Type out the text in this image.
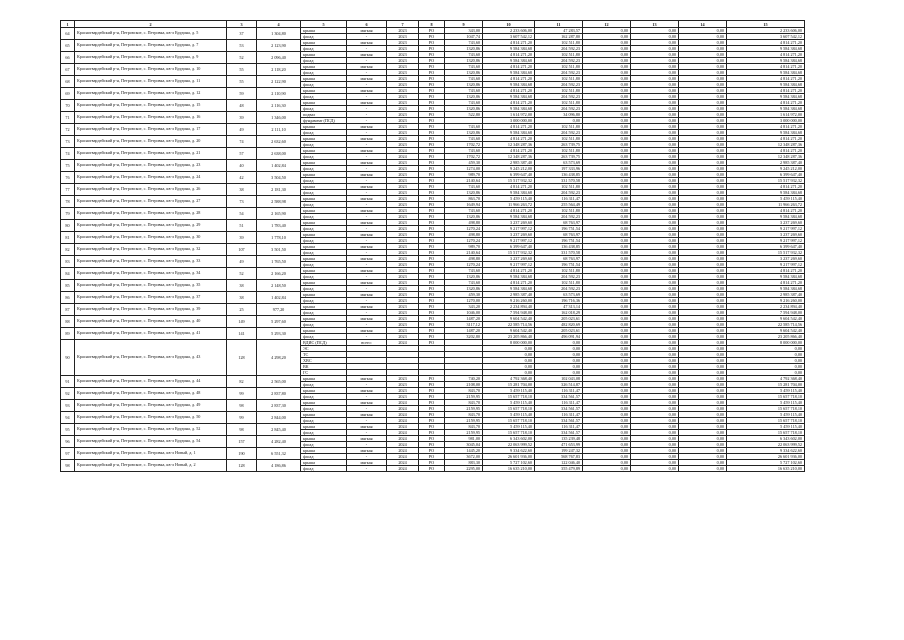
1	2	3	4	5	6	7	8	9	10	11	12	13	14	15
64	Красногвардейский р-н, Петровское, с. Петровка, кв-л Ерудина, д. 5	37	1 304,80	крыша	мягкая	2023	РО	343,00	2 233 606,00	47 283,57	0,00	0,00	0,00	2 233 606,00
				фасад	-	2023	РО	1047,74	3 607 542,12	162 287,80	0,00	0,00	0,00	3 607 542,12
65	Красногвардейский р-н, Петровское, с. Петровка, кв-л Ерудина, д. 7	53	2 123,90	крыша	мягкая	2023	РО	743,60	4 814 271,20	102 511,80	0,00	0,00	0,00	4 814 271,20
				фасад	-	2023	РО	1320,86	9 584 384,68	204 592,23	0,00	0,00	0,00	9 584 384,68
66	Красногвардейский р-н, Петровское, с. Петровка, кв-л Ерудина, д. 9	52	2 096,40	крыша	мягкая	2023	РО	743,60	4 814 271,20	102 511,80	0,00	0,00	0,00	4 814 271,20
				фасад	-	2023	РО	1320,86	9 584 384,68	204 592,23	0,00	0,00	0,00	9 584 384,68
67	Красногвардейский р-н, Петровское, с. Петровка, кв-л Ерудина, д. 10	55	2 118,20	крыша	мягкая	2023	РО	743,60	4 814 271,20	102 511,80	0,00	0,00	0,00	4 814 271,20
				фасад	-	2023	РО	1320,86	9 584 384,68	204 592,23	0,00	0,00	0,00	9 584 384,68
68	Красногвардейский р-н, Петровское, с. Петровка, кв-л Ерудина, д. 11	55	2 122,90	крыша	мягкая	2023	РО	743,60	4 814 271,20	102 511,80	0,00	0,00	0,00	4 814 271,20
				фасад	-	2023	РО	1320,86	9 584 384,68	204 592,23	0,00	0,00	0,00	9 584 384,68
69	Красногвардейский р-н, Петровское, с. Петровка, кв-л Ерудина, д. 12	59	2 110,90	крыша	мягкая	2023	РО	743,60	4 814 271,20	102 511,80	0,00	0,00	0,00	4 814 271,20
				фасад	-	2023	РО	1320,86	9 584 384,68	204 592,23	0,00	0,00	0,00	9 584 384,68
70	Красногвардейский р-н, Петровское, с. Петровка, кв-л Ерудина, д. 15	48	2 116,30	крыша	мягкая	2023	РО	743,60	4 814 271,20	102 511,80	0,00	0,00	0,00	4 814 271,20
				фасад	-	2023	РО	1320,86	9 584 384,68	204 592,23	0,00	0,00	0,00	9 584 384,68
71	Красногвардейский р-н, Петровское, с. Петровка, кв-л Ерудина, д. 16	39	1 346,00	подвал	-	2023	РО	522,80	1 614 972,00	34 096,80	0,00	0,00	0,00	1 614 972,00
				фундамент (ПСД)	-	2023	РО		3 000 000,00	0,00	0,00	0,00	0,00	3 000 000,00
72	Красногвардейский р-н, Петровское, с. Петровка, кв-л Ерудина, д. 17	49	2 111,10	крыша	мягкая	2023	РО	743,60	4 814 271,20	102 511,80	0,00	0,00	0,00	4 814 271,20
				фасад	-	2023	РО	1320,86	9 584 384,68	204 592,23	0,00	0,00	0,00	9 584 384,68
73	Красногвардейский р-н, Петровское, с. Петровка, кв-л Ерудина, д. 20	74	2 632,60	крыша	мягкая	2023	РО	743,60	4 814 271,20	102 511,80	0,00	0,00	0,00	4 814 271,20
				фасад	-	2023	РО	1702,72	12 348 287,36	263 739,75	0,00	0,00	0,00	12 348 287,36
74	Красногвардейский р-н, Петровское, с. Петровка, кв-л Ерудина, д. 21	57	2 638,00	крыша	мягкая	2024	РО	743,60	4 814 271,20	102 511,80	0,00	0,00	0,00	4 814 271,20
				фасад	-	2024	РО	1702,72	12 348 287,36	263 739,75	0,00	0,00	0,00	12 348 287,36
75	Красногвардейский р-н, Петровское, с. Петровка, кв-л Ерудина, д. 23	40	1 402,84	крыша	мягкая	2023	РО	459,30	2 985 387,40	63 573,69	0,00	0,00	0,00	2 985 387,40
				фасад	-	2023	РО	1274,00	9 245 212,00	197 333,96	0,00	0,00	0,00	9 245 212,00
76	Красногвардейский р-н, Петровское, с. Петровка, кв-л Ерудина, д. 24	42	3 504,50	крыша	мягкая	2023	РО	989,70	6 399 647,40	136 438,85	0,00	0,00	0,00	6 399 647,40
				фасад	-	2023	РО	2140,64	15 517 932,32	331 570,58	0,00	0,00	0,00	15 517 932,32
77	Красногвардейский р-н, Петровское, с. Петровка, кв-л Ерудина, д. 26	38	2 181,30	крыша	мягкая	2023	РО	743,60	4 814 271,20	102 511,80	0,00	0,00	0,00	4 814 271,20
				фасад	-	2023	РО	1320,86	9 584 384,68	204 592,23	0,00	0,00	0,00	9 584 384,68
78	Красногвардейский р-н, Петровское, с. Петровка, кв-л Ерудина, д. 27	73	2 588,98	крыша	мягкая	2023	РО	863,70	5 459 115,40	116 311,47	0,00	0,00	0,00	5 459 115,40
				фасад	-	2023	РО	1649,94	11 966 263,72	255 564,49	0,00	0,00	0,00	11 966 263,72
79	Красногвардейский р-н, Петровское, с. Петровка, кв-л Ерудина, д. 28	54	2 165,90	крыша	мягкая	2023	РО	743,60	4 814 271,20	102 511,80	0,00	0,00	0,00	4 814 271,20
				фасад	-	2023	РО	1320,86	9 584 384,68	204 592,23	0,00	0,00	0,00	9 584 384,68
80	Красногвардейский р-н, Петровское, с. Петровка, кв-л Ерудина, д. 29	51	1 783,40	крыша	мягкая	2023	РО	498,80	3 237 269,60	68 763,97	0,00	0,00	0,00	3 237 269,60
				фасад	-	2023	РО	1270,24	9 217 997,12	196 751,54	0,00	0,00	0,00	9 217 997,12
81	Красногвардейский р-н, Петровское, с. Петровка, кв-л Ерудина, д. 30	39	1 778,10	крыша	мягкая	2023	РО	498,80	3 237 269,60	68 763,97	0,00	0,00	0,00	3 237 269,60
				фасад	-	2023	РО	1270,24	9 217 997,12	196 751,54	0,00	0,00	0,00	9 217 997,12
82	Красногвардейский р-н, Петровское, с. Петровка, кв-л Ерудина, д. 32	107	3 501,50	крыша	мягкая	2023	РО	989,70	6 399 647,40	136 438,85	0,00	0,00	0,00	6 399 647,40
				фасад	-	2023	РО	2140,64	15 517 932,32	331 570,58	0,00	0,00	0,00	15 517 932,32
83	Красногвардейский р-н, Петровское, с. Петровка, кв-л Ерудина, д. 33	49	1 765,50	крыша	мягкая	2023	РО	498,80	3 237 269,60	68 763,97	0,00	0,00	0,00	3 237 269,60
				фасад	-	2023	РО	1270,24	9 217 997,12	196 751,54	0,00	0,00	0,00	9 217 997,12
84	Красногвардейский р-н, Петровское, с. Петровка, кв-л Ерудина, д. 34	52	2 166,20	крыша	мягкая	2023	РО	743,60	4 814 271,20	102 511,80	0,00	0,00	0,00	4 814 271,20
				фасад	-	2023	РО	1320,86	9 584 384,68	204 592,23	0,00	0,00	0,00	9 584 384,68
85	Красногвардейский р-н, Петровское, с. Петровка, кв-л Ерудина, д. 35	38	2 148,50	крыша	мягкая	2023	РО	743,60	4 814 271,20	102 511,80	0,00	0,00	0,00	4 814 271,20
				фасад	-	2023	РО	1320,86	9 584 384,68	204 592,23	0,00	0,00	0,00	9 584 384,68
86	Красногвардейский р-н, Петровское, с. Петровка, кв-л Ерудина, д. 37	38	1 402,84	крыша	мягкая	2023	РО	459,30	2 985 387,40	63 573,69	0,00	0,00	0,00	2 985 387,40
				фасад	-	2023	РО	1270,00	9 216 260,00	196 716,36	0,00	0,00	0,00	9 216 260,00
87	Красногвардейский р-н, Петровское, с. Петровка, кв-л Ерудина, д. 39	25	977,20	крыша	мягкая	2023	РО	343,20	2 234 894,40	47 313,14	0,00	0,00	0,00	2 234 894,40
				фасад	-	2023	РО	1046,00	7 594 948,00	162 018,29	0,00	0,00	0,00	7 594 948,00
88	Красногвардейский р-н, Петровское, с. Петровка, кв-л Ерудина, д. 40	149	5 297,60	крыша	мягкая	2023	РО	1487,20	9 604 542,40	205 023,61	0,00	0,00	0,00	9 604 542,40
				фасад	-	2023	РО	3117,12	22 585 714,56	482 820,69	0,00	0,00	0,00	22 585 714,56
89	Красногвардейский р-н, Петровское, с. Петровка, кв-л Ерудина, д. 41	141	5 293,30	крыша	мягкая	2023	РО	1487,20	9 604 542,40	205 023,61	0,00	0,00	0,00	9 604 542,40
				фасад	-	2023	РО	3202,80	23 205 866,40	496 091,94	0,00	0,00	0,00	23 205 866,40
90	Красногвардейский р-н, Петровское, с. Петровка, кв-л Ерудина, д. 43	128	4 298,20	ВДИС (ПСД)	всего:	2024	РО		8 000 000,00	0,00	0,00	0,00	0,00	8 000 000,00
				ЭС					0,00	0,00	0,00	0,00	0,00	0,00
				ТС					0,00	0,00	0,00	0,00	0,00	0,00
				ХВС					0,00	0,00	0,00	0,00	0,00	0,00
				ВК					0,00	0,00	0,00	0,00	0,00	0,00
				ГС					0,00	0,00	0,00	0,00	0,00	0,00
91	Красногвардейский р-н, Петровское, с. Петровка, кв-л Ерудина, д. 44	82	2 565,00	крыша	мягкая	2023	РО	740,20	4 792 368,40	102 043,08	0,00	0,00	0,00	4 792 368,40
				фасад	-	2023	РО	2108,00	15 281 704,00	326 514,87	0,00	0,00	0,00	15 281 704,00
92	Красногвардейский р-н, Петровское, с. Петровка, кв-л Ерудина, д. 48	99	2 837,80	крыша	мягкая	2023	РО	843,70	5 459 115,40	116 311,47	0,00	0,00	0,00	5 459 115,40
				фасад	-	2023	РО	2159,95	15 657 718,10	334 561,57	0,00	0,00	0,00	15 657 718,10
93	Красногвардейский р-н, Петровское, с. Петровка, кв-л Ерудина, д. 49	98	2 837,30	крыша	мягкая	2024	РО	843,70	5 459 115,40	116 311,47	0,00	0,00	0,00	5 459 115,40
				фасад	-	2024	РО	2159,95	15 657 718,10	334 561,57	0,00	0,00	0,00	15 657 718,10
94	Красногвардейский р-н, Петровское, с. Петровка, кв-л Ерудина, д. 50	99	2 844,00	крыша	мягкая	2024	РО	843,70	5 459 115,40	116 311,47	0,00	0,00	0,00	5 459 115,40
				фасад	-	2024	РО	2159,95	15 657 718,10	334 561,57	0,00	0,00	0,00	15 657 718,10
95	Красногвардейский р-н, Петровское, с. Петровка, кв-л Ерудина, д. 52	98	2 845,40	крыша	мягкая	2024	РО	843,70	5 459 115,40	116 311,47	0,00	0,00	0,00	5 459 115,40
				фасад	-	2024	РО	2159,95	15 657 718,10	334 561,57	0,00	0,00	0,00	15 657 718,10
96	Красногвардейский р-н, Петровское, с. Петровка, кв-л Ерудина, д. 54	157	4 282,40	крыша	мягкая	2024	РО	981,00	6 343 602,00	135 239,48	0,00	0,00	0,00	6 343 602,00
				фасад	-	2024	РО	3045,04	22 063 999,52	471 653,99	0,00	0,00	0,00	22 063 999,52
97	Красногвардейский р-н, Петровское, с. Петровка, кв-л Новый, д. 1	190	6 551,32	крыша	мягкая	2024	РО	1445,20	9 334 622,60	199 247,32	0,00	0,00	0,00	9 334 622,60
				фасад	-	2024	РО	3672,00	26 601 936,00	568 767,83	0,00	0,00	0,00	26 601 936,00
98	Красногвардейский р-н, Петровское, с. Петровка, кв-л Новый, д. 2	128	4 186,86	крыша	мягкая	2024	РО	883,30	5 727 102,60	122 046,40	0,00	0,00	0,00	5 727 102,60
				фасад	-	2024	РО	2295,00	16 635 210,00	355 479,89	0,00	0,00	0,00	16 635 210,00
